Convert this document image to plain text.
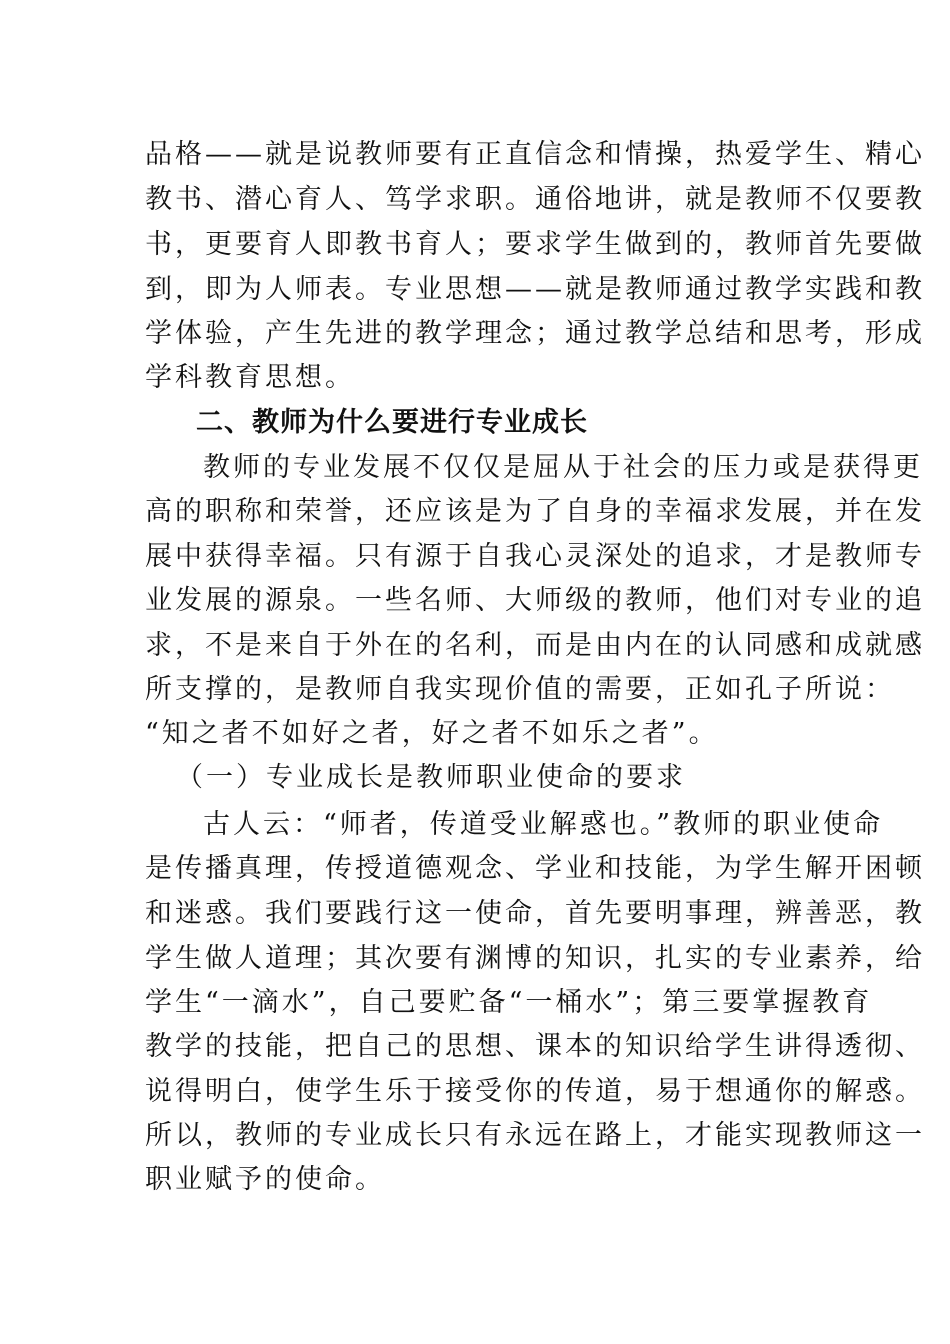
品格——就是说教师要有正直信念和情操，热爱学生、精心
教书、潜心育人、笃学求职。通俗地讲，就是教师不仅要教
书，更要育人即教书育人；要求学生做到的，教师首先要做
到，即为人师表。专业思想——就是教师通过教学实践和教
学体验，产生先进的教学理念；通过教学总结和思考，形成
学科教育思想。
二、教师为什么要进行专业成长
教师的专业发展不仅仅是屈从于社会的压力或是获得更
高的职称和荣誉，还应该是为了自身的幸福求发展，并在发
展中获得幸福。只有源于自我心灵深处的追求，才是教师专
业发展的源泉。一些名师、大师级的教师，他们对专业的追
求，不是来自于外在的名利，而是由内在的认同感和成就感
所支撑的，是教师自我实现价值的需要，正如孔子所说：
“知之者不如好之者，好之者不如乐之者”。
（一）专业成长是教师职业使命的要求
古人云：“师者，传道受业解惑也。”教师的职业使命
是传播真理，传授道德观念、学业和技能，为学生解开困顿
和迷惑。我们要践行这一使命，首先要明事理，辨善恶，教
学生做人道理；其次要有渊博的知识，扎实的专业素养，给
学生“一滴水”，自己要贮备“一桶水”；第三要掌握教育
教学的技能，把自己的思想、课本的知识给学生讲得透彻、
说得明白，使学生乐于接受你的传道，易于想通你的解惑。
所以，教师的专业成长只有永远在路上，才能实现教师这一
职业赋予的使命。
